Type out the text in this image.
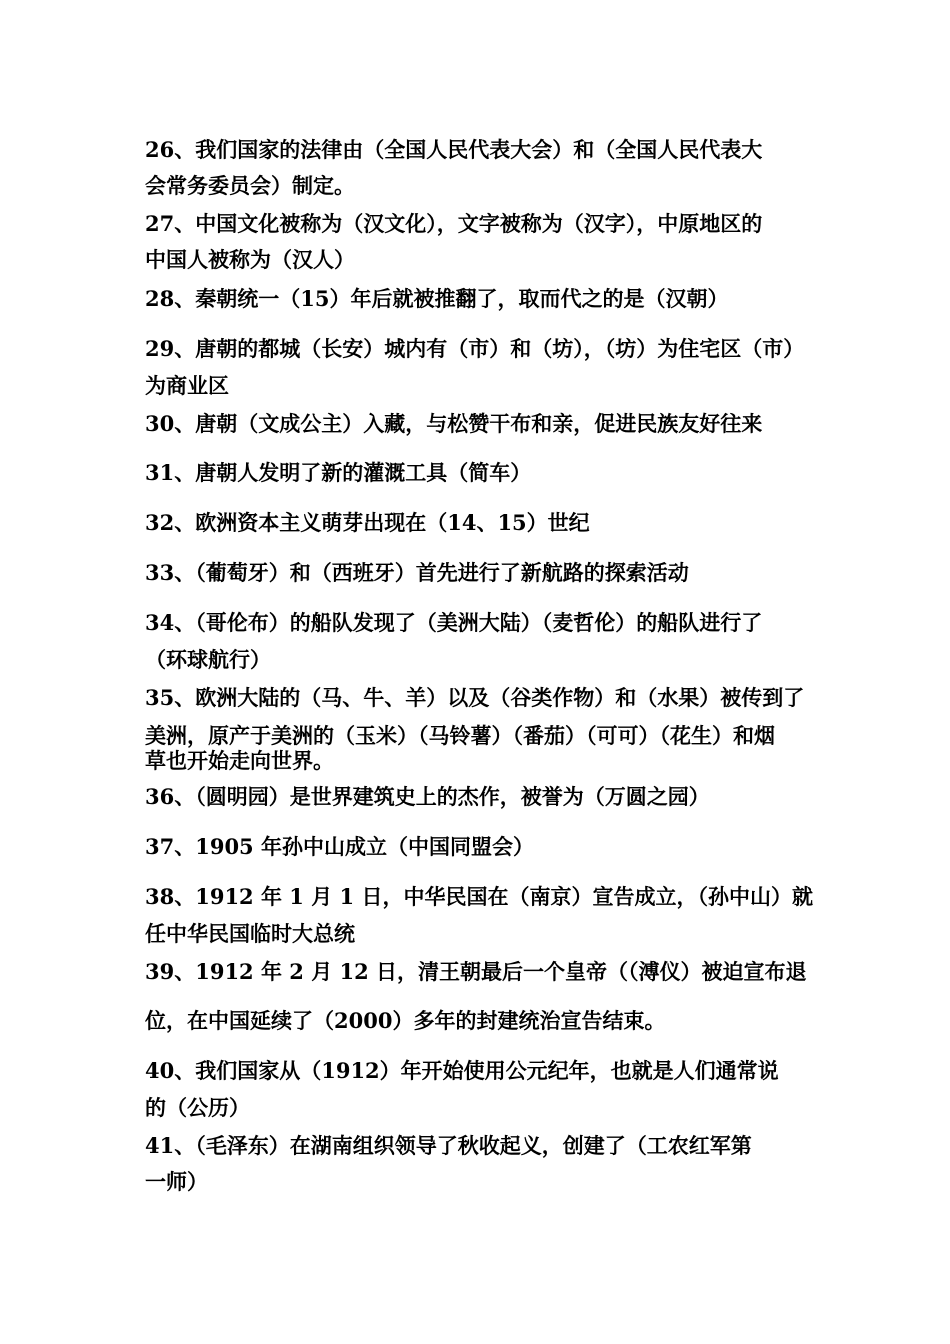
26、我们国家的法律由（全国人民代表大会）和（全国人民代表大
会常务委员会）制定。
27、中国文化被称为（汉文化），文字被称为（汉字），中原地区的
中国人被称为（汉人）
28、秦朝统一（15）年后就被推翻了，取而代之的是（汉朝）
29、唐朝的都城（长安）城内有（市）和（坊），（坊）为住宅区（市）
为商业区
30、唐朝（文成公主）入藏，与松赞干布和亲，促进民族友好往来
31、唐朝人发明了新的灌溉工具（简车）
32、欧洲资本主义萌芽出现在（14、15）世纪
33、（葡萄牙）和（西班牙）首先进行了新航路的探索活动
34、（哥伦布）的船队发现了（美洲大陆）（麦哲伦）的船队进行了
（环球航行）
35、欧洲大陆的（马、牛、羊）以及（谷类作物）和（水果）被传到了
美洲，原产于美洲的（玉米）（马铃薯）（番茄）（可可）（花生）和烟
草也开始走向世界。
36、（圆明园）是世界建筑史上的杰作，被誉为（万圆之园）
37、1905 年孙中山成立（中国同盟会）
38、1912 年 1 月 1 日，中华民国在（南京）宣告成立，（孙中山）就
任中华民国临时大总统
39、1912 年 2 月 12 日，清王朝最后一个皇帝（（溥仪）被迫宣布退
位，在中国延续了（2000）多年的封建统治宣告结束。
40、我们国家从（1912）年开始使用公元纪年，也就是人们通常说
的（公历）
41、（毛泽东）在湖南组织领导了秋收起义，创建了（工农红军第
一师）
